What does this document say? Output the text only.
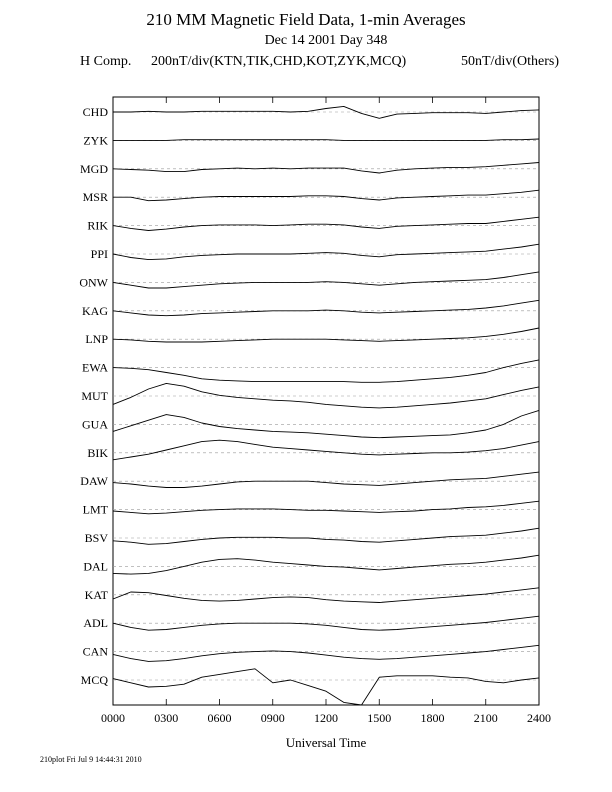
210 MM Magnetic Field Data, 1-min Averages
Dec 14 2001 Day 348
H Comp. 200nT/div(KTN,TIK,CHD,KOT,ZYK,MCQ)	50nT/div(Others)
CHD
ZYK
MGD
MSR
RIK
PPI
ONW
KAG
LNP
EWA
MUT
GUA
BIK
DAW
LMT
BSV
DAL
KAT
ADL
CAN
MCQ
0000 0300 0600 0900 1200 1500 1800 2100 2400
Universal Time
210plot Fri Jul 9 14:44:31 2010
